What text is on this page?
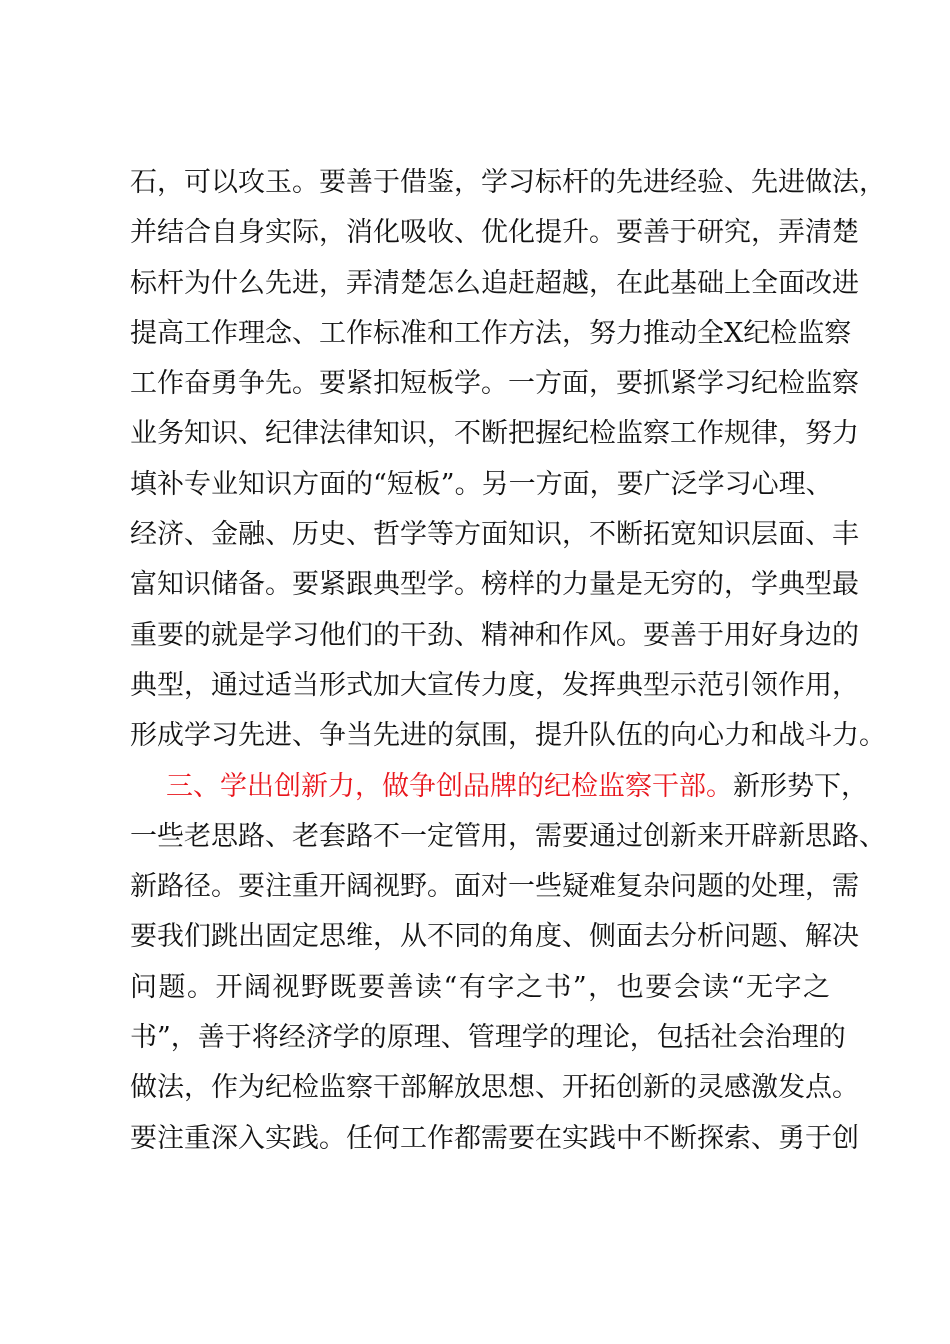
石，可以攻玉。要善于借鉴，学习标杆的先进经验、先进做法，
并结合自身实际，消化吸收、优化提升。要善于研究，弄清楚
标杆为什么先进，弄清楚怎么追赶超越，在此基础上全面改进
提高工作理念、工作标准和工作方法，努力推动全X纪检监察
工作奋勇争先。要紧扣短板学。一方面，要抓紧学习纪检监察
业务知识、纪律法律知识，不断把握纪检监察工作规律，努力
填补专业知识方面的“短板”。另一方面，要广泛学习心理、
经济、金融、历史、哲学等方面知识，不断拓宽知识层面、丰
富知识储备。要紧跟典型学。榜样的力量是无穷的，学典型最
重要的就是学习他们的干劲、精神和作风。要善于用好身边的
典型，通过适当形式加大宣传力度，发挥典型示范引领作用，
形成学习先进、争当先进的氛围，提升队伍的向心力和战斗力。
三、学出创新力，做争创品牌的纪检监察干部。新形势下，
一些老思路、老套路不一定管用，需要通过创新来开辟新思路、
新路径。要注重开阔视野。面对一些疑难复杂问题的处理，需
要我们跳出固定思维，从不同的角度、侧面去分析问题、解决
问题。开阔视野既要善读“有字之书”，也要会读“无字之
书”，善于将经济学的原理、管理学的理论，包括社会治理的
做法，作为纪检监察干部解放思想、开拓创新的灵感激发点。
要注重深入实践。任何工作都需要在实践中不断探索、勇于创
